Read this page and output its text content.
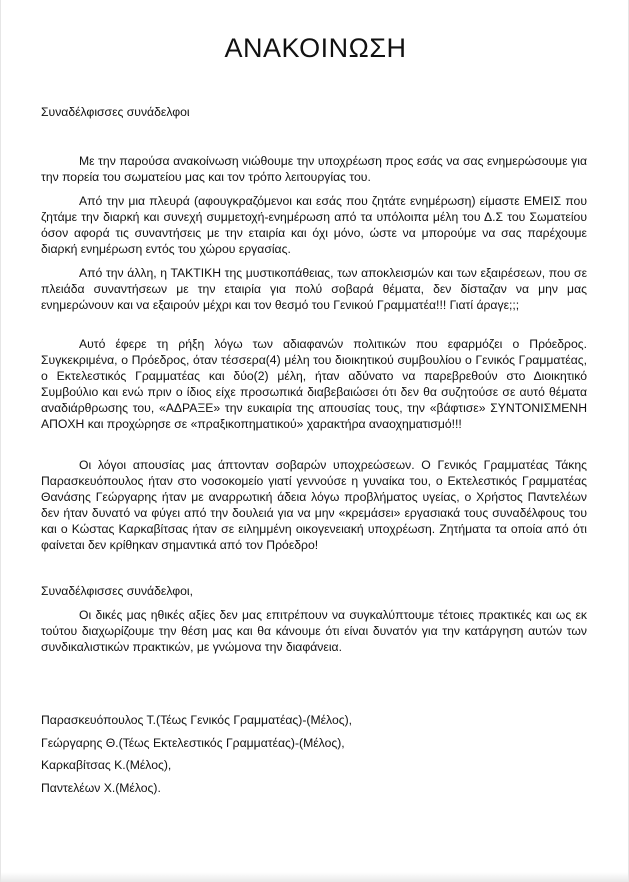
ΑΝΑΚΟΙΝΩΣΗ
Συναδέλφισσες συνάδελφοι

Με την παρούσα ανακοίνωση νιώθουμε την υποχρέωση προς εσάς να σας ενημερώσουμε για την πορεία του σωματείου μας και τον τρόπο λειτουργίας του.

Από την μια πλευρά (αφουγκραζόμενοι και εσάς που ζητάτε ενημέρωση) είμαστε ΕΜΕΙΣ που ζητάμε την διαρκή και συνεχή συμμετοχή-ενημέρωση από τα υπόλοιπα μέλη του Δ.Σ του Σωματείου όσον αφορά τις συναντήσεις με την εταιρία και όχι μόνο, ώστε να μπορούμε να σας παρέχουμε διαρκή ενημέρωση εντός του χώρου εργασίας.

Από την άλλη, η ΤΑΚΤΙΚΗ της μυστικοπάθειας, των αποκλεισμών και των εξαιρέσεων, που σε πλειάδα συναντήσεων με την εταιρία για πολύ σοβαρά θέματα, δεν δίσταζαν να μην μας ενημερώνουν και να εξαιρούν μέχρι και τον θεσμό του Γενικού Γραμματέα!!! Γιατί άραγε;;;

Αυτό έφερε τη ρήξη λόγω των αδιαφανών πολιτικών που εφαρμόζει ο Πρόεδρος. Συγκεκριμένα, ο Πρόεδρος, όταν τέσσερα(4) μέλη του διοικητικού συμβουλίου ο Γενικός Γραμματέας, ο Εκτελεστικός Γραμματέας και δύο(2) μέλη, ήταν αδύνατο να παρεβρεθούν στο Διοικητικό Συμβούλιο και ενώ πριν ο ίδιος είχε προσωπικά διαβεβαιώσει ότι δεν θα συζητούσε σε αυτό θέματα αναδιάρθρωσης του, «ΑΔΡΑΞΕ» την ευκαιρία της απουσίας τους, την «βάφτισε» ΣΥΝΤΟΝΙΣΜΕΝΗ ΑΠΟΧΗ και προχώρησε σε «πραξικοπηματικού» χαρακτήρα αναοχηματισμό!!!

Οι λόγοι απουσίας μας άπτονταν σοβαρών υποχρεώσεων. Ο Γενικός Γραμματέας Τάκης Παρασκευόπουλος ήταν στο νοσοκομείο γιατί γεννούσε η γυναίκα του, ο Εκτελεστικός Γραμματέας Θανάσης Γεώργαρης ήταν με αναρρωτική άδεια λόγω προβλήματος υγείας, ο Χρήστος Παντελέων δεν ήταν δυνατό να φύγει από την δουλειά για να μην «κρεμάσει» εργασιακά τους συναδέλφους του και ο Κώστας Καρκαβίτσας ήταν σε ειλημμένη οικογενειακή υποχρέωση. Ζητήματα τα οποία από ότι φαίνεται δεν κρίθηκαν σημαντικά από τον Πρόεδρο!

Συναδέλφισσες συνάδελφοι,

Οι δικές μας ηθικές αξίες δεν μας επιτρέπουν να συγκαλύπτουμε τέτοιες πρακτικές και ως εκ τούτου διαχωρίζουμε την θέση μας και θα κάνουμε ότι είναι δυνατόν για την κατάργηση αυτών των συνδικαλιστικών πρακτικών, με γνώμονα την διαφάνεια.

Παρασκευόπουλος Τ.(Τέως Γενικός Γραμματέας)-(Μέλος),
Γεώργαρης Θ.(Τέως Εκτελεστικός Γραμματέας)-(Μέλος),
Καρκαβίτσας Κ.(Μέλος),
Παντελέων Χ.(Μέλος).
